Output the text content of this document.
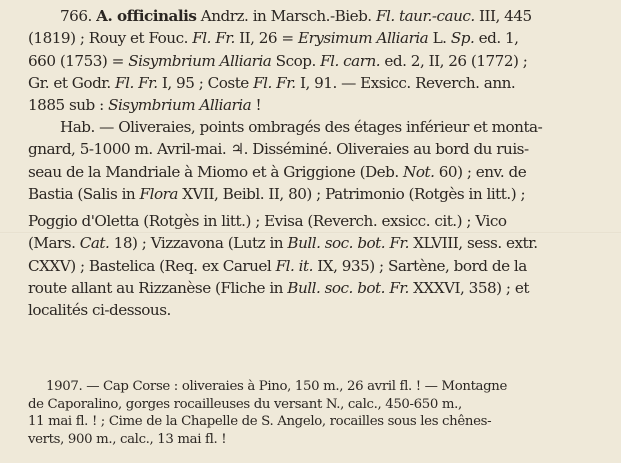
766. A. officinalis Andrz. in Marsch.-Bieb. Fl. taur.-cauc. III, 445
(1819) ; Rouy et Fouc. Fl. Fr. II, 26 = Erysimum Alliaria L. Sp. ed. 1,
660 (1753) = Sisymbrium Alliaria Scop. Fl. carn. ed. 2, II, 26 (1772) ;
Gr. et Godr. Fl. Fr. I, 95 ; Coste Fl. Fr. I, 91. — Exsicc. Reverch. ann.
1885 sub : Sisymbrium Alliaria !

Hab. — Oliveraies, points ombragés des étages inférieur et monta-
gnard, 5-1000 m. Avril-mai. ♃. Disséminé. Oliveraies au bord du ruis-
seau de la Mandriale à Miomo et à Griggione (Deb. Not. 60) ; env. de
Bastia (Salis in Flora XVII, Beibl. II, 80) ; Patrimonio (Rotgès in litt.) ;
Poggio d'Oletta (Rotgès in litt.) ; Evisa (Reverch. exsicc. cit.) ; Vico
(Mars. Cat. 18) ; Vizzavona (Lutz in Bull. soc. bot. Fr. XLVIII, sess. extr.
CXXV) ; Bastelica (Req. ex Caruel Fl. it. IX, 935) ; Sartène, bord de la
route allant au Rizzanèse (Fliche in Bull. soc. bot. Fr. XXXVI, 358) ; et
localités ci-dessous.

1907. — Cap Corse : oliveraies à Pino, 150 m., 26 avril fl. ! — Montagne
de Caporalino, gorges rocailleuses du versant N., calc., 450-650 m.,
11 mai fl. ! ; Cime de la Chapelle de S. Angelo, rocailles sous les chênes-
verts, 900 m., calc., 13 mai fl. !
